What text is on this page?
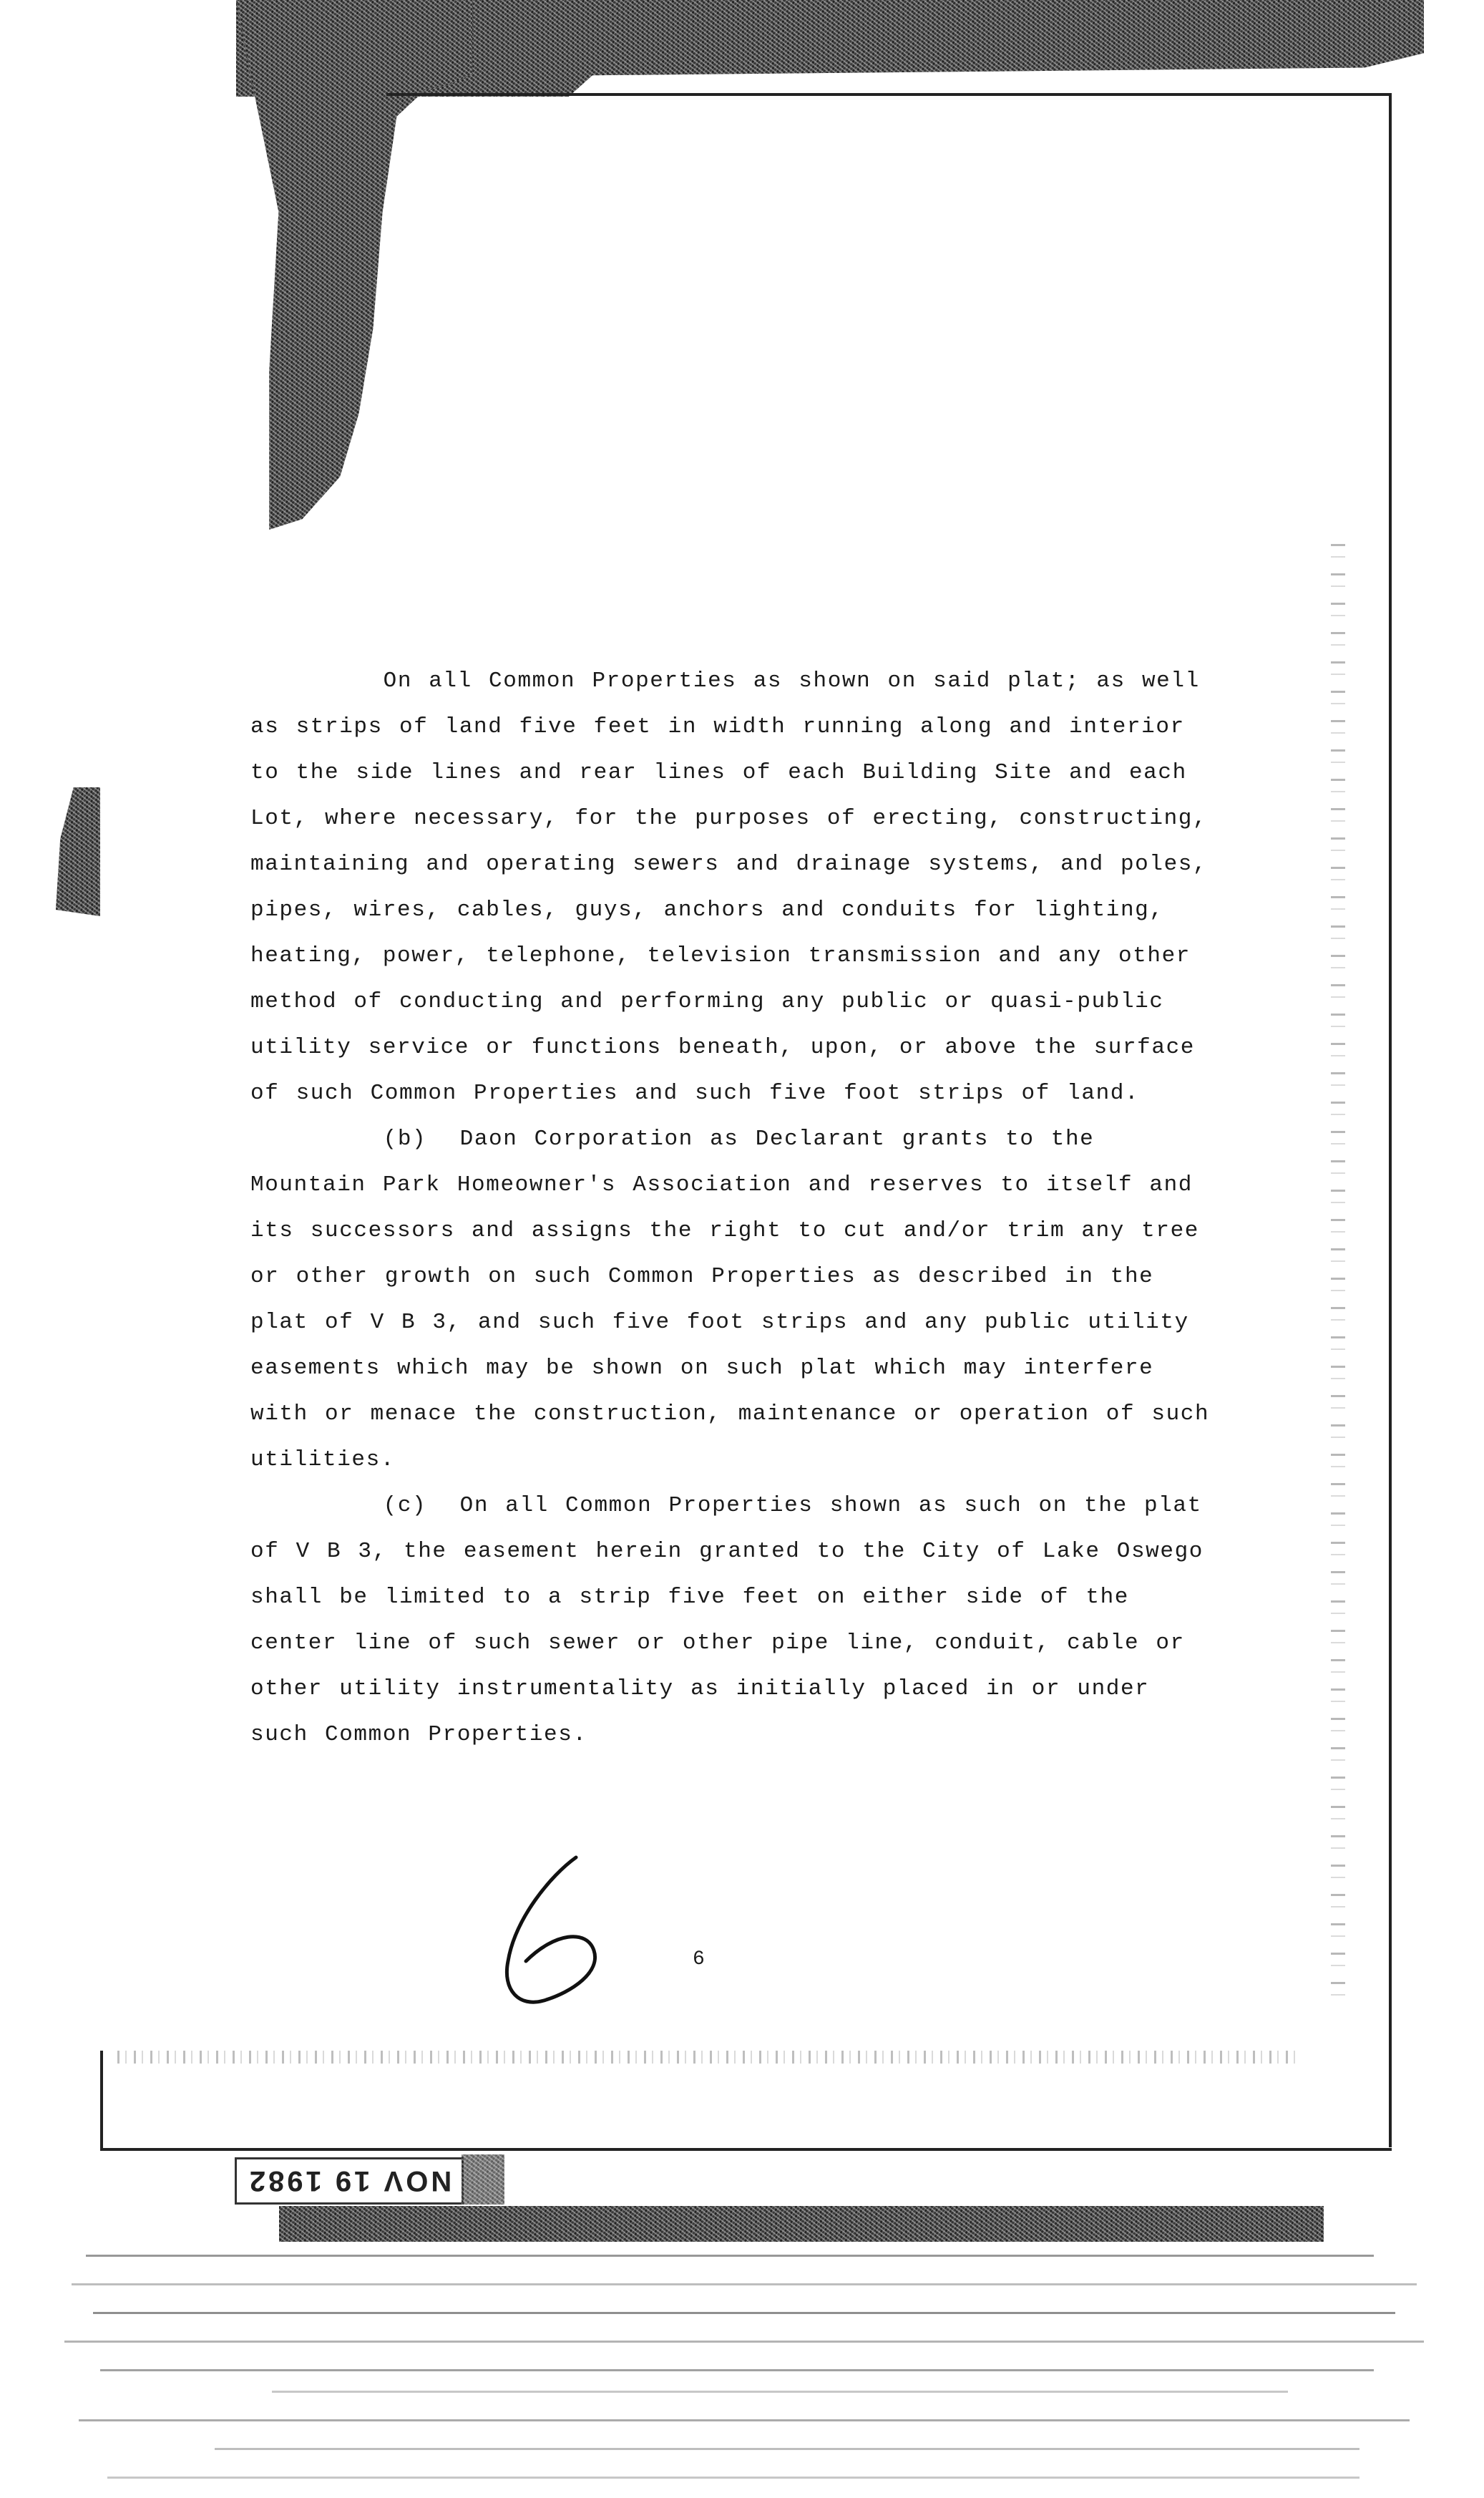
On all Common Properties as shown on said plat; as well

as strips of land five feet in width running along and interior

to the side lines and rear lines of each Building Site and each

Lot, where necessary, for the purposes of erecting, constructing,

maintaining and operating sewers and drainage systems, and poles,

pipes, wires, cables, guys, anchors and conduits for lighting,

heating, power, telephone, television transmission and any other

method of conducting and performing any public or quasi-public

utility service or functions beneath, upon, or above the surface

of such Common Properties and such five foot strips of land.

(b)  Daon Corporation as Declarant grants to the

Mountain Park Homeowner's Association and reserves to itself and

its successors and assigns the right to cut and/or trim any tree

or other growth on such Common Properties as described in the

plat of V B 3, and such five foot strips and any public utility

easements which may be shown on such plat which may interfere

with or menace the construction, maintenance or operation of such

utilities.

(c)  On all Common Properties shown as such on the plat

of V B 3, the easement herein granted to the City of Lake Oswego

shall be limited to a strip five feet on either side of the

center line of such sewer or other pipe line, conduit, cable or

other utility instrumentality as initially placed in or under

such Common Properties.

6
NOV 19 1982
